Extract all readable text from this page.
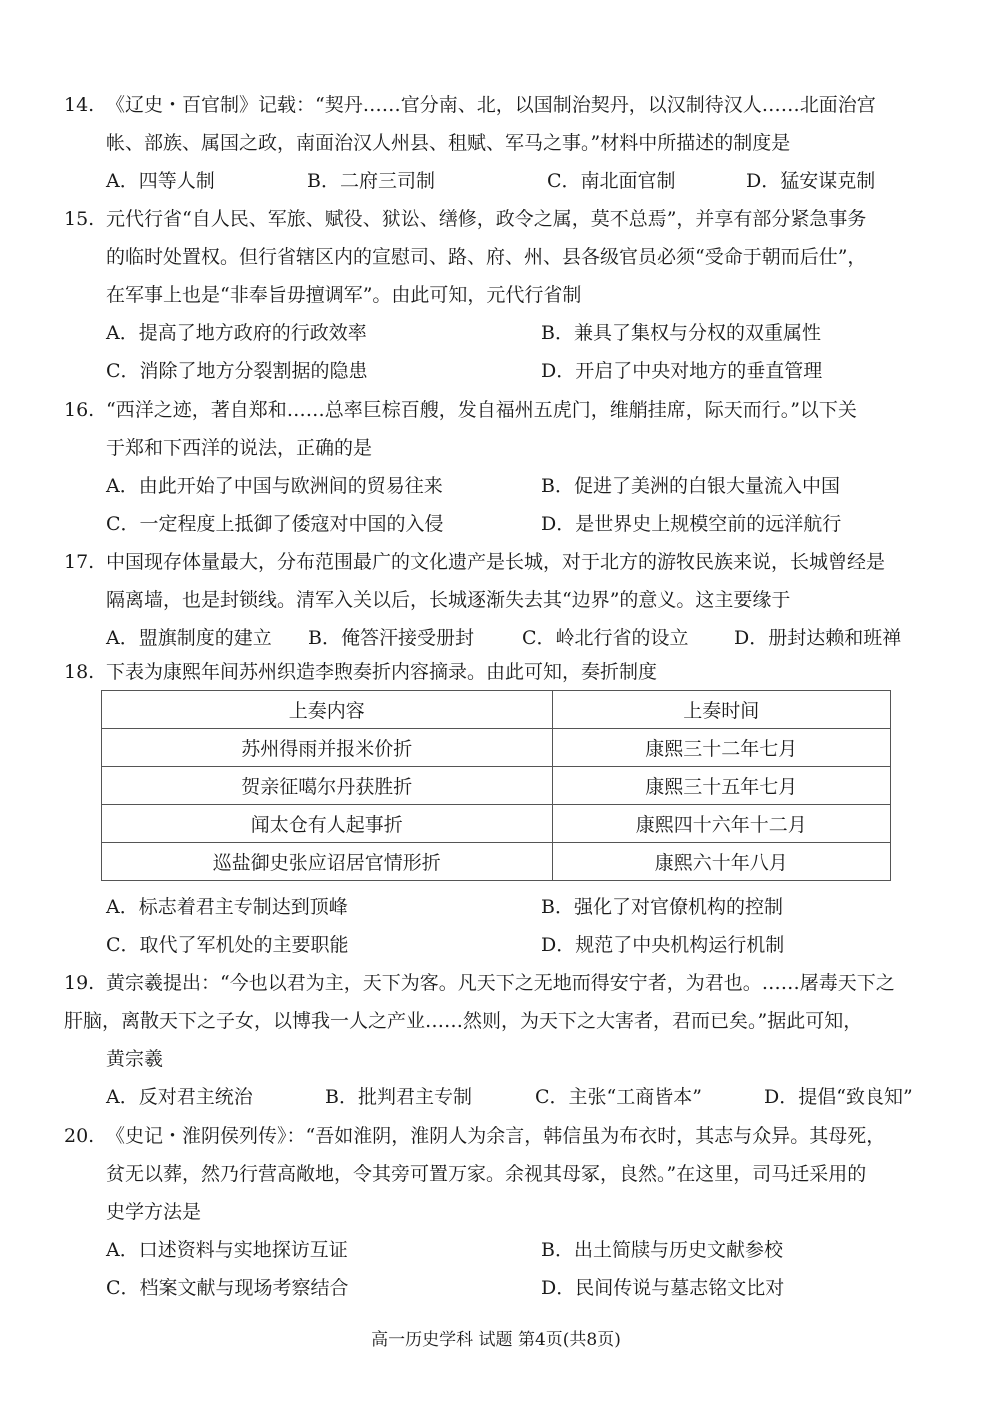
14. 《辽史・百官制》记载：“契丹……官分南、北，以国制治契丹，以汉制待汉人……北面治宫
帐、部族、属国之政，南面治汉人州县、租赋、军马之事。”材料中所描述的制度是
A．四等人制	B．二府三司制	C．南北面官制	D．猛安谋克制
15. 元代行省“自人民、军旅、赋役、狱讼、缮修，政令之属，莫不总焉”，并享有部分紧急事务
的临时处置权。但行省辖区内的宣慰司、路、府、州、县各级官员必须“受命于朝而后仕”，
在军事上也是“非奉旨毋擅调军”。由此可知，元代行省制
A．提高了地方政府的行政效率	B．兼具了集权与分权的双重属性
C．消除了地方分裂割据的隐患	D．开启了中央对地方的垂直管理
16. “西洋之迹，著自郑和……总率巨棕百艘，发自福州五虎门，维艄挂席，际天而行。”以下关
于郑和下西洋的说法，正确的是
A．由此开始了中国与欧洲间的贸易往来	B．促进了美洲的白银大量流入中国
C．一定程度上抵御了倭寇对中国的入侵	D．是世界史上规模空前的远洋航行
17. 中国现存体量最大，分布范围最广的文化遗产是长城，对于北方的游牧民族来说，长城曾经是
隔离墙，也是封锁线。清军入关以后，长城逐渐失去其“边界”的意义。这主要缘于
A．盟旗制度的建立 B．俺答汗接受册封	C．岭北行省的设立 D．册封达赖和班禅
18. 下表为康熙年间苏州织造李煦奏折内容摘录。由此可知，奏折制度
上奏内容	上奏时间
苏州得雨并报米价折	康熙三十二年七月
贺亲征噶尔丹获胜折	康熙三十五年七月
闻太仓有人起事折	康熙四十六年十二月
巡盐御史张应诏居官情形折	康熙六十年八月
A．标志着君主专制达到顶峰	B．强化了对官僚机构的控制
C．取代了军机处的主要职能	D．规范了中央机构运行机制
19. 黄宗羲提出：“今也以君为主，天下为客。凡天下之无地而得安宁者，为君也。……屠毒天下之
肝脑，离散天下之子女，以博我一人之产业……然则，为天下之大害者，君而已矣。”据此可知，
黄宗羲
A．反对君主统治	B．批判君主专制	C．主张“工商皆本”	D．提倡“致良知”
20. 《史记・淮阴侯列传》：“吾如淮阴，淮阴人为余言，韩信虽为布衣时，其志与众异。其母死，
贫无以葬，然乃行营高敞地，令其旁可置万家。余视其母冢，良然。”在这里，司马迁采用的
史学方法是
A．口述资料与实地探访互证	B．出土简牍与历史文献参校
C．档案文献与现场考察结合	D．民间传说与墓志铭文比对
高一历史学科 试题 第4页(共8页)
